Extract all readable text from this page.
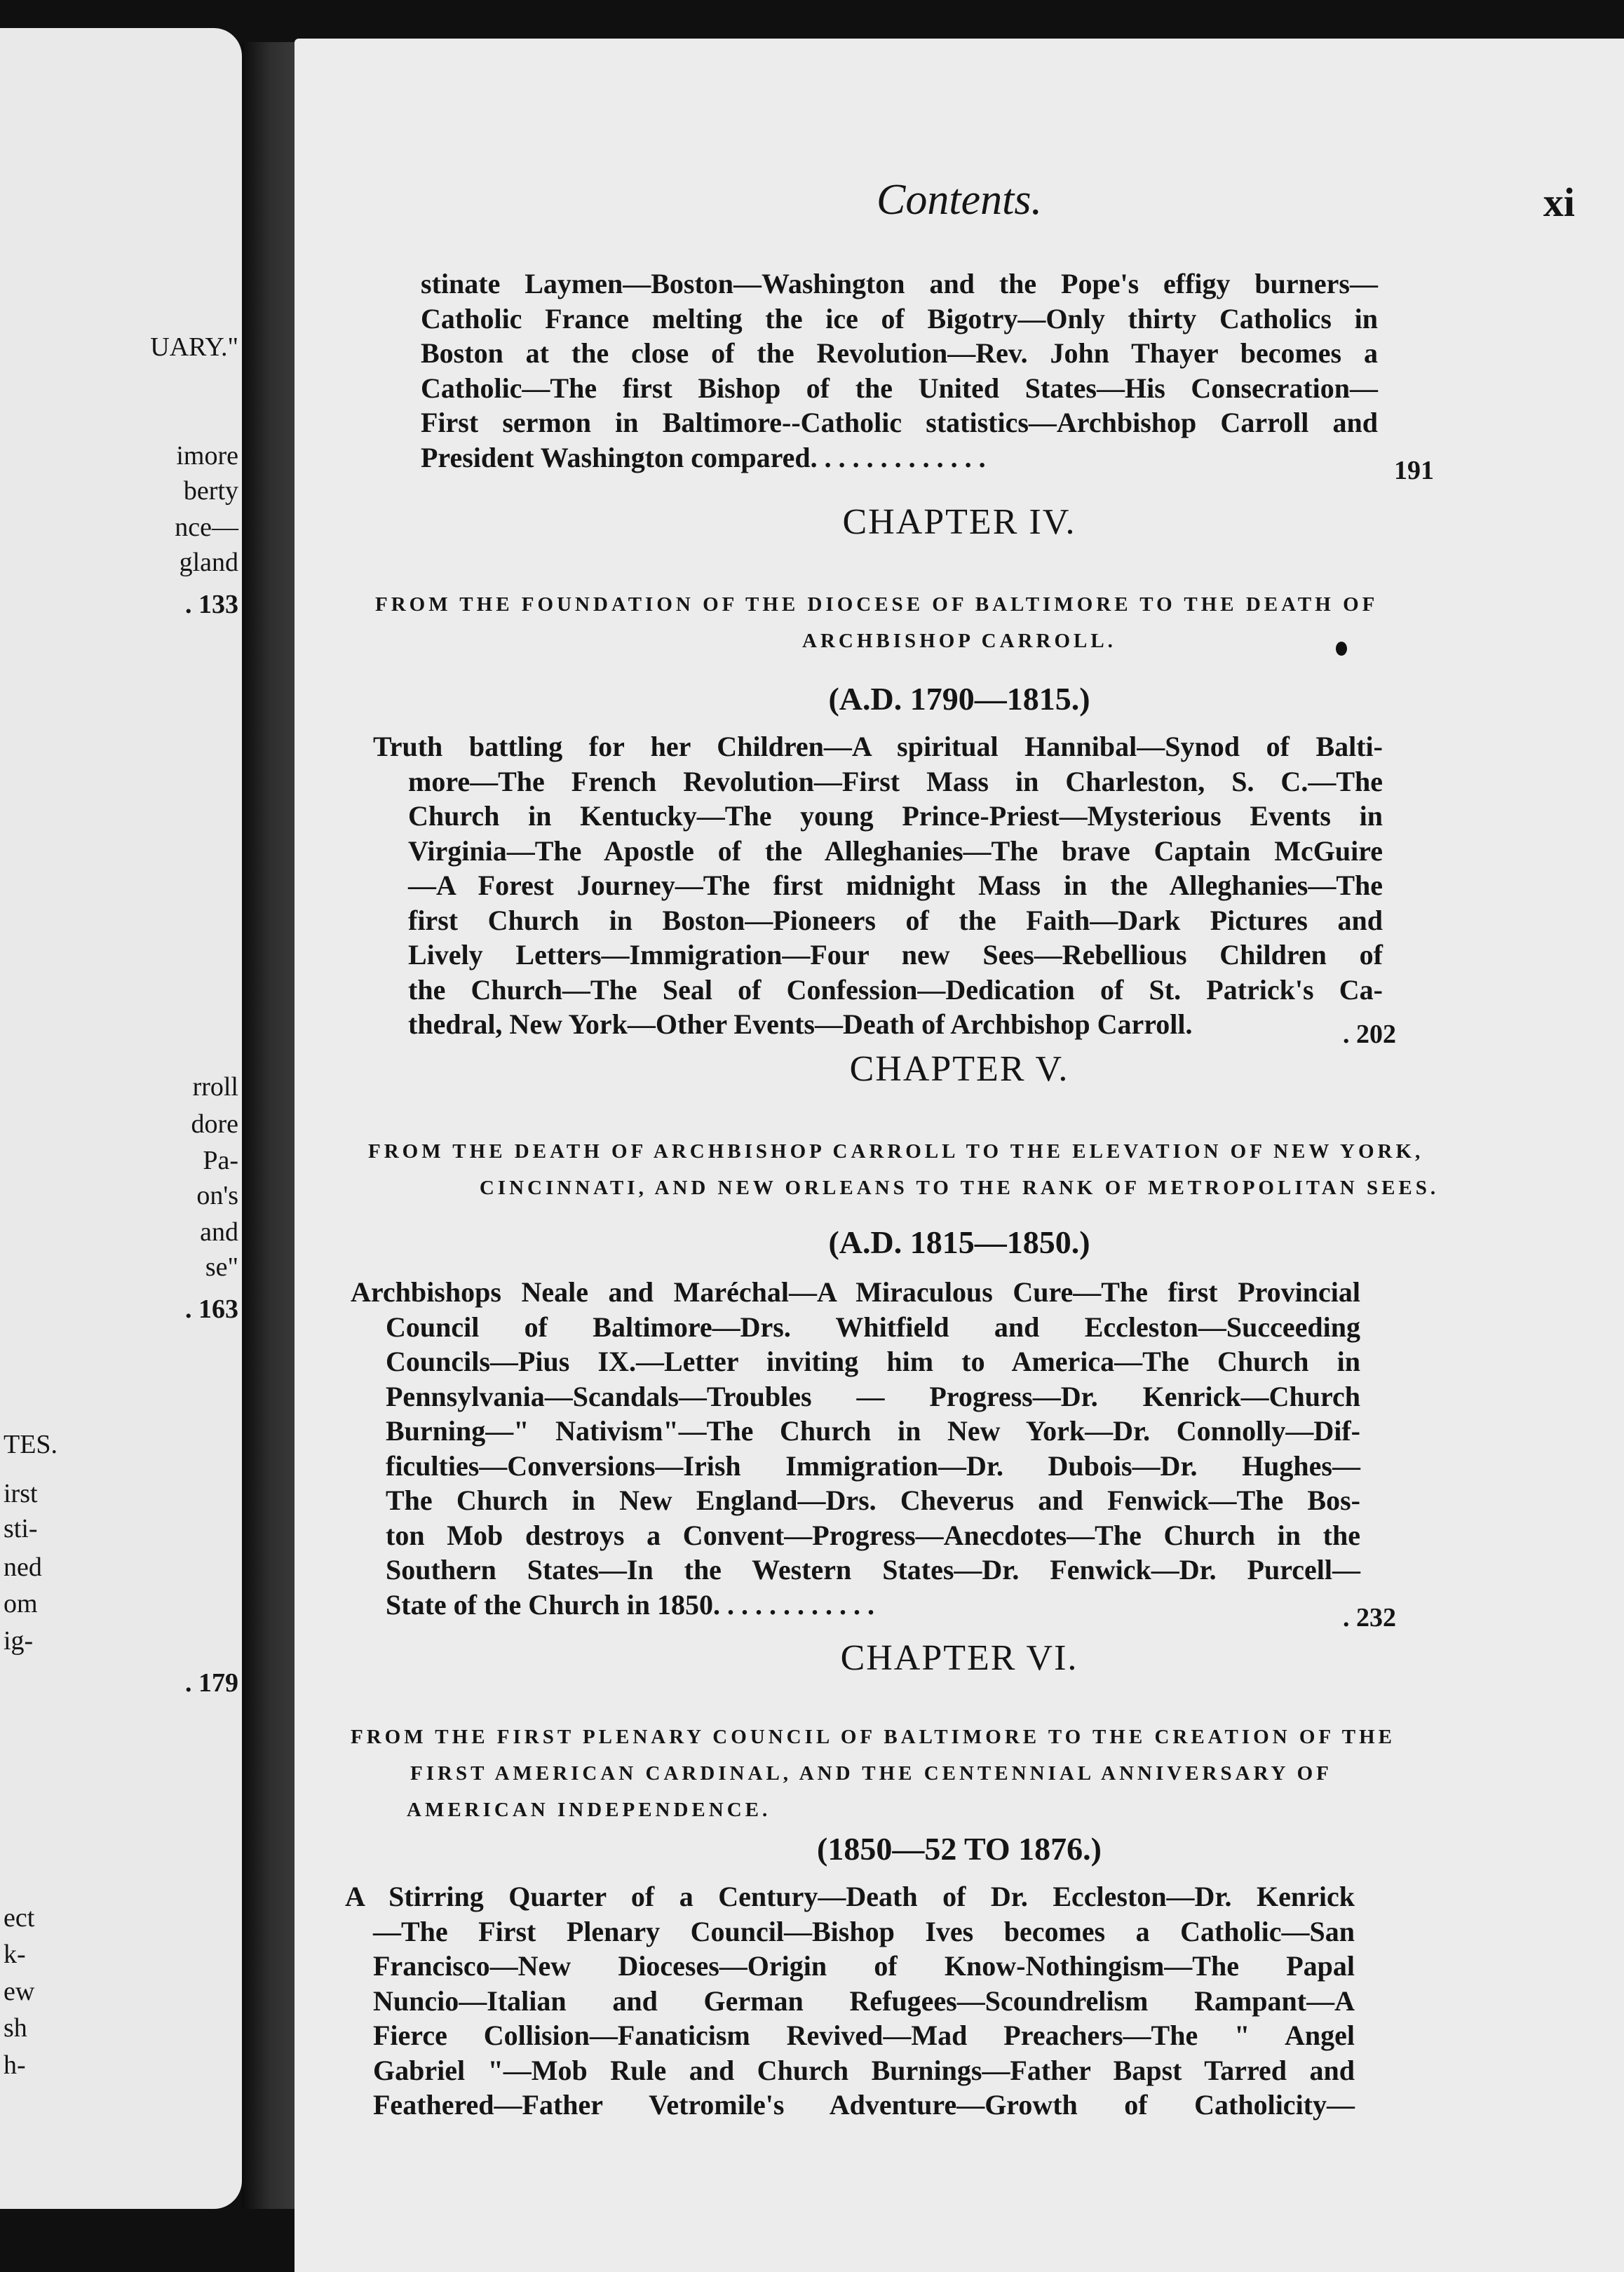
UARY."
imore
berty
nce—
gland
. 133
rroll
dore
Pa-
on's
and
se"
. 163
TES.
irst
sti-
ned
om
ig-
. 179
ect
k-
ew
sh
h-
Contents.	xi
stinate Laymen—Boston—Washington and the Pope's effigy burners—
Catholic France melting the ice of Bigotry—Only thirty Catholics in
Boston at the close of the Revolution—Rev. John Thayer becomes a
Catholic—The first Bishop of the United States—His Consecration—
First sermon in Baltimore--Catholic statistics—Archbishop Carroll and
President Washington compared. . . . . . . . . . . . .	191
CHAPTER IV.
FROM THE FOUNDATION OF THE DIOCESE OF BALTIMORE TO THE DEATH OF
ARCHBISHOP CARROLL.
(A.D. 1790—1815.)
Truth battling for her Children—A spiritual Hannibal—Synod of Balti-
more—The French Revolution—First Mass in Charleston, S. C.—The
Church in Kentucky—The young Prince-Priest—Mysterious Events in
Virginia—The Apostle of the Alleghanies—The brave Captain McGuire
—A Forest Journey—The first midnight Mass in the Alleghanies—The
first Church in Boston—Pioneers of the Faith—Dark Pictures and
Lively Letters—Immigration—Four new Sees—Rebellious Children of
the Church—The Seal of Confession—Dedication of St. Patrick's Ca-
thedral, New York—Other Events—Death of Archbishop Carroll.	. 202
CHAPTER V.
FROM THE DEATH OF ARCHBISHOP CARROLL TO THE ELEVATION OF NEW YORK,
CINCINNATI, AND NEW ORLEANS TO THE RANK OF METROPOLITAN SEES.
(A.D. 1815—1850.)
Archbishops Neale and Maréchal—A Miraculous Cure—The first Provincial
Council of Baltimore—Drs. Whitfield and Eccleston—Succeeding
Councils—Pius IX.—Letter inviting him to America—The Church in
Pennsylvania—Scandals—Troubles — Progress—Dr. Kenrick—Church
Burning—" Nativism"—The Church in New York—Dr. Connolly—Dif-
ficulties—Conversions—Irish Immigration—Dr. Dubois—Dr. Hughes—
The Church in New England—Drs. Cheverus and Fenwick—The Bos-
ton Mob destroys a Convent—Progress—Anecdotes—The Church in the
Southern States—In the Western States—Dr. Fenwick—Dr. Purcell—
State of the Church in 1850. . . . . . . . . . . .	. 232
CHAPTER VI.
FROM THE FIRST PLENARY COUNCIL OF BALTIMORE TO THE CREATION OF THE
FIRST AMERICAN CARDINAL, AND THE CENTENNIAL ANNIVERSARY OF
AMERICAN INDEPENDENCE.
(1850—52 TO 1876.)
A Stirring Quarter of a Century—Death of Dr. Eccleston—Dr. Kenrick
—The First Plenary Council—Bishop Ives becomes a Catholic—San
Francisco—New Dioceses—Origin of Know-Nothingism—The Papal
Nuncio—Italian and German Refugees—Scoundrelism Rampant—A
Fierce Collision—Fanaticism Revived—Mad Preachers—The " Angel
Gabriel "—Mob Rule and Church Burnings—Father Bapst Tarred and
Feathered—Father Vetromile's Adventure—Growth of Catholicity—
